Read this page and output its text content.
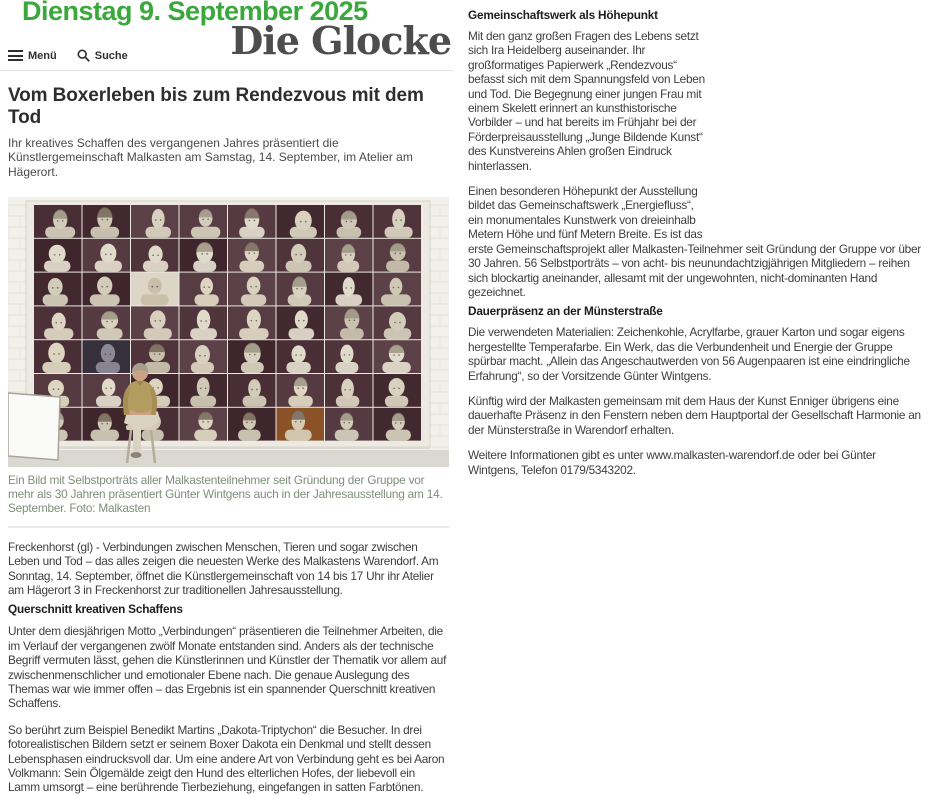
Dienstag 9. September 2025
Die Glocke
Menü	Suche
Vom Boxerleben bis zum Rendezvous mit dem Tod

Ihr kreatives Schaffen des vergangenen Jahres präsentiert die Künstlergemeinschaft Malkasten am Samstag, 14. September, im Atelier am Hägerort.

Ein Bild mit Selbstporträts aller Malkastenteilnehmer seit Gründung der Gruppe vor mehr als 30 Jahren präsentiert Günter Wintgens auch in der Jahresausstellung am 14. September. Foto: Malkasten

Freckenhorst (gl) - Verbindungen zwischen Menschen, Tieren und sogar zwischen Leben und Tod – das alles zeigen die neuesten Werke des Malkastens Warendorf. Am Sonntag, 14. September, öffnet die Künstlergemeinschaft von 14 bis 17 Uhr ihr Atelier am Hägerort 3 in Freckenhorst zur traditionellen Jahresausstellung.

Querschnitt kreativen Schaffens

Unter dem diesjährigen Motto „Verbindungen“ präsentieren die Teilnehmer Arbeiten, die im Verlauf der vergangenen zwölf Monate entstanden sind. Anders als der technische Begriff vermuten lässt, gehen die Künstlerinnen und Künstler der Thematik vor allem auf zwischenmenschlicher und emotionaler Ebene nach. Die genaue Auslegung des Themas war wie immer offen – das Ergebnis ist ein spannender Querschnitt kreativen Schaffens.

So berührt zum Beispiel Benedikt Martins „Dakota-Triptychon“ die Besucher. In drei fotorealistischen Bildern setzt er seinem Boxer Dakota ein Denkmal und stellt dessen Lebensphasen eindrucksvoll dar. Um eine andere Art von Verbindung geht es bei Aaron Volkmann: Sein Ölgemälde zeigt den Hund des elterlichen Hofes, der liebevoll ein Lamm umsorgt – eine berührende Tierbeziehung, eingefangen in satten Farbtönen.

Gemeinschaftswerk als Höhepunkt

Mit den ganz großen Fragen des Lebens setzt sich Ira Heidelberg auseinander. Ihr großformatiges Papierwerk „Rendezvous“ befasst sich mit dem Spannungsfeld von Leben und Tod. Die Begegnung einer jungen Frau mit einem Skelett erinnert an kunsthistorische Vorbilder – und hat bereits im Frühjahr bei der Förderpreisausstellung „Junge Bildende Kunst“ des Kunstvereins Ahlen großen Eindruck hinterlassen.

Einen besonderen Höhepunkt der Ausstellung bildet das Gemeinschaftswerk „Energiefluss“, ein monumentales Kunstwerk von dreieinhalb Metern Höhe und fünf Metern Breite. Es ist das erste Gemeinschaftsprojekt aller Malkasten-Teilnehmer seit Gründung der Gruppe vor über 30 Jahren. 56 Selbstporträts – von acht- bis neunundachtzigjährigen Mitgliedern – reihen sich blockartig aneinander, allesamt mit der ungewohnten, nicht-dominanten Hand gezeichnet.

Dauerpräsenz an der Münsterstraße

Die verwendeten Materialien: Zeichenkohle, Acrylfarbe, grauer Karton und sogar eigens hergestellte Temperafarbe. Ein Werk, das die Verbundenheit und Energie der Gruppe spürbar macht. „Allein das Angeschautwerden von 56 Augenpaaren ist eine eindringliche Erfahrung“, so der Vorsitzende Günter Wintgens.

Künftig wird der Malkasten gemeinsam mit dem Haus der Kunst Enniger übrigens eine dauerhafte Präsenz in den Fenstern neben dem Hauptportal der Gesellschaft Harmonie an der Münsterstraße in Warendorf erhalten.

Weitere Informationen gibt es unter www.malkasten-warendorf.de oder bei Günter Wintgens, Telefon 0179/5343202.
